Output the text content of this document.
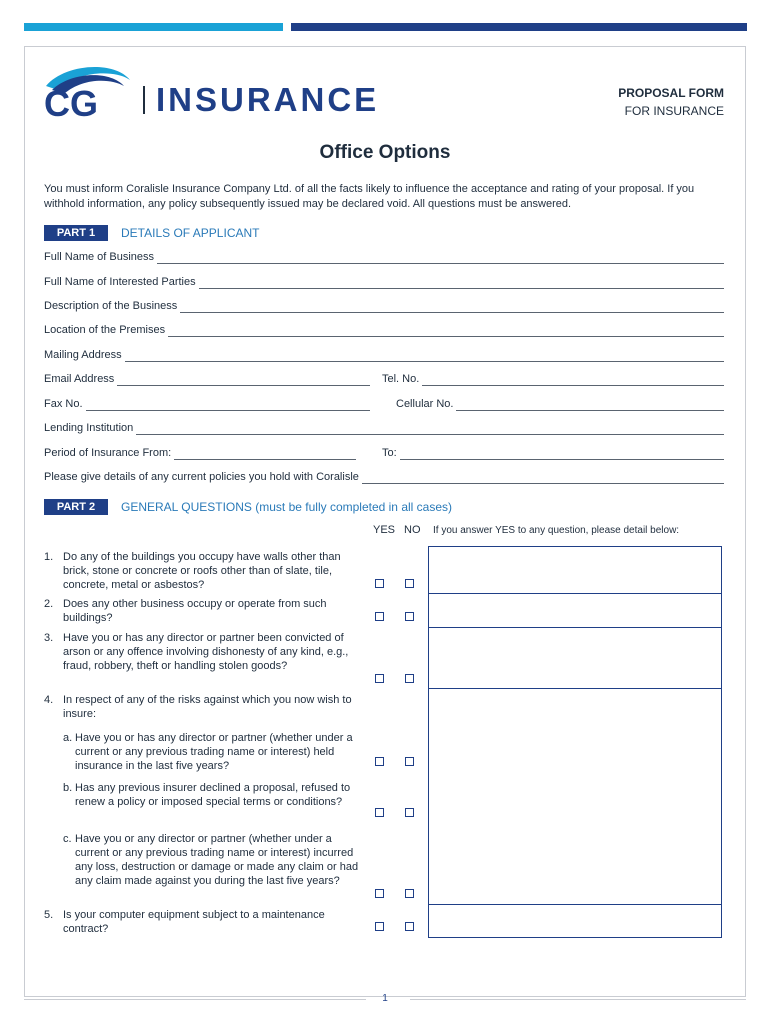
CG INSURANCE	PROPOSAL FORM
FOR INSURANCE
Office Options
You must inform Coralisle Insurance Company Ltd. of all the facts likely to influence the acceptance and rating of your proposal. If you withhold information, any policy subsequently issued may be declared void. All questions must be answered.
PART 1	DETAILS OF APPLICANT
Full Name of Business
Full Name of Interested Parties
Description of the Business
Location of the Premises
Mailing Address
Email Address	Tel. No.
Fax No.	Cellular No.
Lending Institution
Period of Insurance From:	To:
Please give details of any current policies you hold with Coralisle
PART 2	GENERAL QUESTIONS (must be fully completed in all cases)
YES NO If you answer YES to any question, please detail below:
1. Do any of the buildings you occupy have walls other than brick, stone or concrete or roofs other than of slate, tile, concrete, metal or asbestos?
2. Does any other business occupy or operate from such buildings?
3. Have you or has any director or partner been convicted of arson or any offence involving dishonesty of any kind, e.g., fraud, robbery, theft or handling stolen goods?
4. In respect of any of the risks against which you now wish to insure:
a. Have you or has any director or partner (whether under a current or any previous trading name or interest) held insurance in the last five years?
b. Has any previous insurer declined a proposal, refused to renew a policy or imposed special terms or conditions?
c. Have you or any director or partner (whether under a current or any previous trading name or interest) incurred any loss, destruction or damage or made any claim or had any claim made against you during the last five years?
5. Is your computer equipment subject to a maintenance contract?
1
